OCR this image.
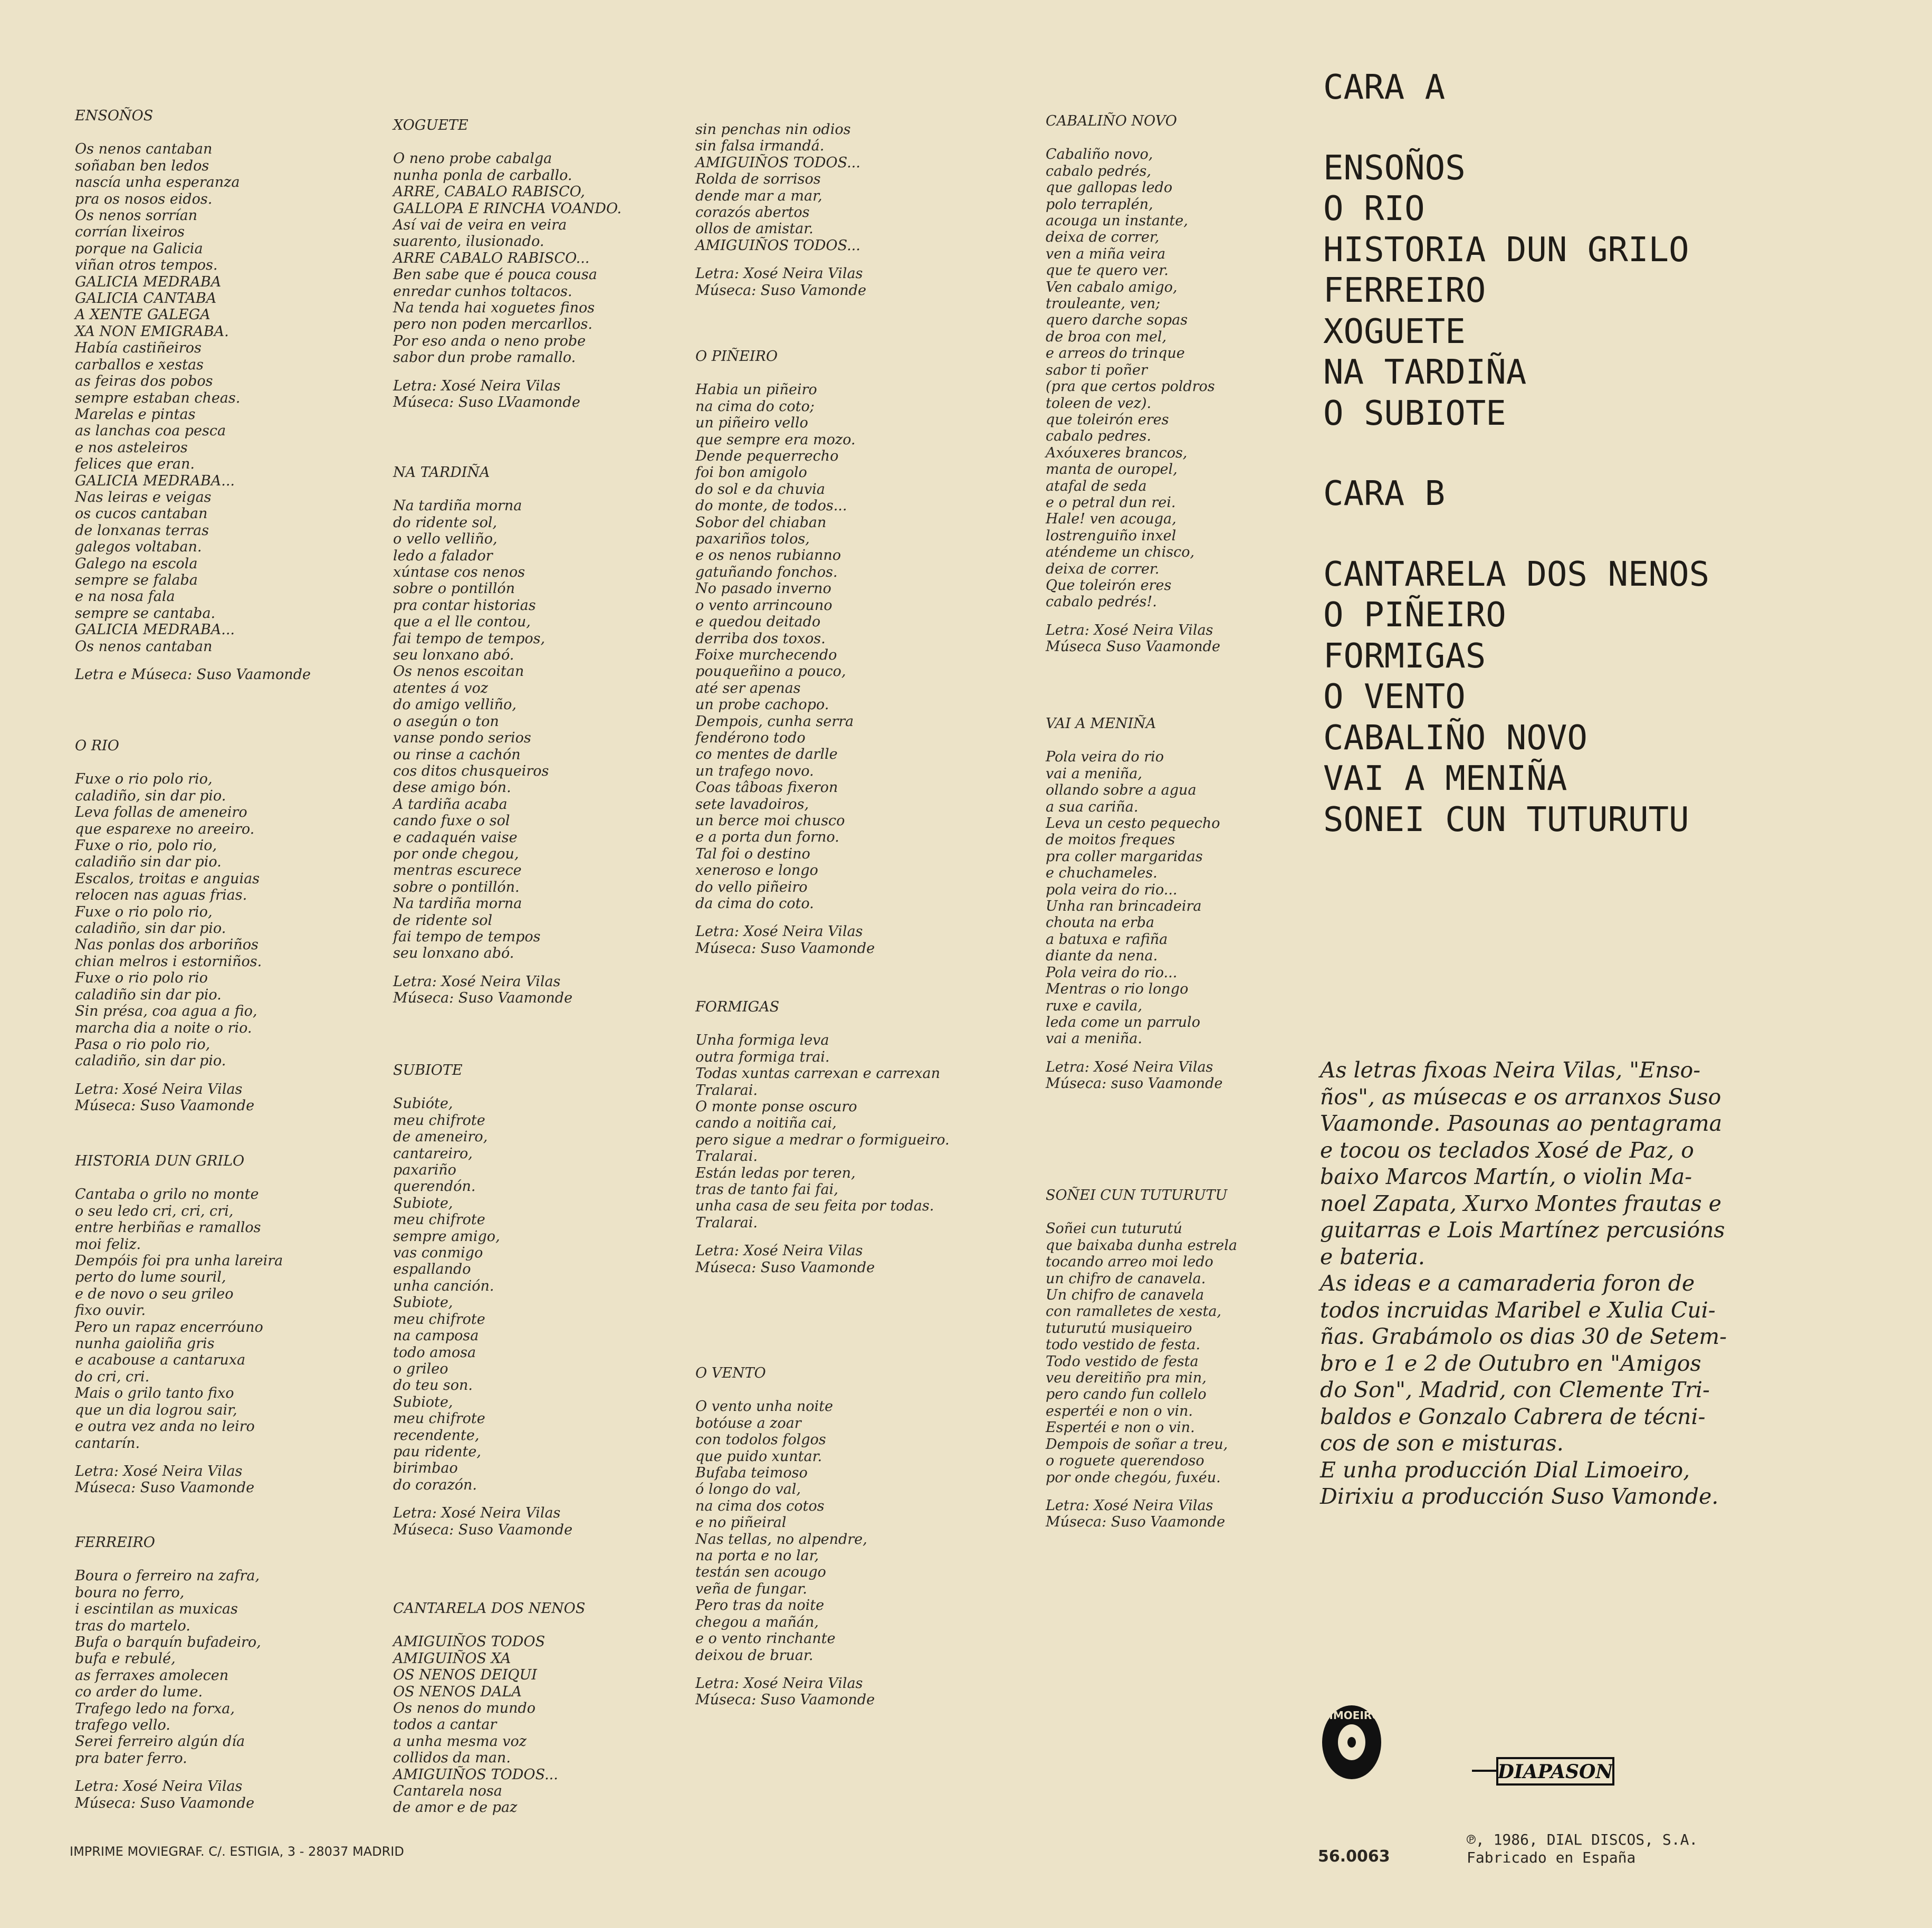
ENSOÑOS
Os nenos cantaban
soñaban ben ledos
nascía unha esperanza
pra os nosos eidos.
Os nenos sorrían
corrían lixeiros
porque na Galicia
viñan otros tempos.
GALICIA MEDRABA
GALICIA CANTABA
A XENTE GALEGA
XA NON EMIGRABA.
Había castiñeiros
carballos e xestas
as feiras dos pobos
sempre estaban cheas.
Marelas e pintas
as lanchas coa pesca
e nos asteleiros
felices que eran.
GALICIA MEDRABA...
Nas leiras e veigas
os cucos cantaban
de lonxanas terras
galegos voltaban.
Galego na escola
sempre se falaba
e na nosa fala
sempre se cantaba.
GALICIA MEDRABA...
Os nenos cantaban
Letra e Múseca: Suso Vaamonde
O RIO
Fuxe o rio polo rio,
caladiño, sin dar pio.
Leva follas de ameneiro
que esparexe no areeiro.
Fuxe o rio, polo rio,
caladiño sin dar pio.
Escalos, troitas e anguias
relocen nas aguas frias.
Fuxe o rio polo rio,
caladiño, sin dar pio.
Nas ponlas dos arboriños
chian melros i estorniños.
Fuxe o rio polo rio
caladiño sin dar pio.
Sin présa, coa agua a fio,
marcha dia a noite o rio.
Pasa o rio polo rio,
caladiño, sin dar pio.
Letra: Xosé Neira Vilas
Múseca: Suso Vaamonde
HISTORIA DUN GRILO
Cantaba o grilo no monte
o seu ledo cri, cri, cri,
entre herbiñas e ramallos
moi feliz.
Dempóis foi pra unha lareira
perto do lume souril,
e de novo o seu grileo
fixo ouvir.
Pero un rapaz encerróuno
nunha gaioliña gris
e acabouse a cantaruxa
do cri, cri.
Mais o grilo tanto fixo
que un dia logrou sair,
e outra vez anda no leiro
cantarín.
Letra: Xosé Neira Vilas
Múseca: Suso Vaamonde
FERREIRO
Boura o ferreiro na zafra,
boura no ferro,
i escintilan as muxicas
tras do martelo.
Bufa o barquín bufadeiro,
bufa e rebulé,
as ferraxes amolecen
co arder do lume.
Trafego ledo na forxa,
trafego vello.
Serei ferreiro algún día
pra bater ferro.
Letra: Xosé Neira Vilas
Múseca: Suso Vaamonde
XOGUETE
O neno probe cabalga
nunha ponla de carballo.
ARRE, CABALO RABISCO,
GALLOPA E RINCHA VOANDO.
Así vai de veira en veira
suarento, ilusionado.
ARRE CABALO RABISCO...
Ben sabe que é pouca cousa
enredar cunhos toltacos.
Na tenda hai xoguetes finos
pero non poden mercarllos.
Por eso anda o neno probe
sabor dun probe ramallo.
Letra: Xosé Neira Vilas
Múseca: Suso LVaamonde
NA TARDIÑA
Na tardiña morna
do ridente sol,
o vello velliño,
ledo a falador
xúntase cos nenos
sobre o pontillón
pra contar historias
que a el lle contou,
fai tempo de tempos,
seu lonxano abó.
Os nenos escoitan
atentes á voz
do amigo velliño,
o asegún o ton
vanse pondo serios
ou rinse a cachón
cos ditos chusqueiros
dese amigo bón.
A tardiña acaba
cando fuxe o sol
e cadaquén vaise
por onde chegou,
mentras escurece
sobre o pontillón.
Na tardiña morna
de ridente sol
fai tempo de tempos
seu lonxano abó.
Letra: Xosé Neira Vilas
Múseca: Suso Vaamonde
SUBIOTE
Subióte,
meu chifrote
de ameneiro,
cantareiro,
paxariño
querendón.
Subiote,
meu chifrote
sempre amigo,
vas conmigo
espallando
unha canción.
Subiote,
meu chifrote
na camposa
todo amosa
o grileo
do teu son.
Subiote,
meu chifrote
recendente,
pau ridente,
birimbao
do corazón.
Letra: Xosé Neira Vilas
Múseca: Suso Vaamonde
CANTARELA DOS NENOS
AMIGUIÑOS TODOS
AMIGUIÑOS XA
OS NENOS DEIQUI
OS NENOS DALA
Os nenos do mundo
todos a cantar
a unha mesma voz
collidos da man.
AMIGUIÑOS TODOS...
Cantarela nosa
de amor e de paz
sin penchas nin odios
sin falsa irmandá.
AMIGUIÑOS TODOS...
Rolda de sorrisos
dende mar a mar,
corazós abertos
ollos de amistar.
AMIGUIÑOS TODOS...
Letra: Xosé Neira Vilas
Múseca: Suso Vamonde
O PIÑEIRO
Habia un piñeiro
na cima do coto;
un piñeiro vello
que sempre era mozo.
Dende pequerrecho
foi bon amigolo
do sol e da chuvia
do monte, de todos...
Sobor del chiaban
paxariños tolos,
e os nenos rubianno
gatuñando fonchos.
No pasado inverno
o vento arrincouno
e quedou deitado
derriba dos toxos.
Foixe murchecendo
pouqueñino a pouco,
até ser apenas
un probe cachopo.
Dempois, cunha serra
fendérono todo
co mentes de darlle
un trafego novo.
Coas tâboas fixeron
sete lavadoiros,
un berce moi chusco
e a porta dun forno.
Tal foi o destino
xeneroso e longo
do vello piñeiro
da cima do coto.
Letra: Xosé Neira Vilas
Múseca: Suso Vaamonde
FORMIGAS
Unha formiga leva
outra formiga trai.
Todas xuntas carrexan e carrexan
Tralarai.
O monte ponse oscuro
cando a noitiña cai,
pero sigue a medrar o formigueiro.
Tralarai.
Están ledas por teren,
tras de tanto fai fai,
unha casa de seu feita por todas.
Tralarai.
Letra: Xosé Neira Vilas
Múseca: Suso Vaamonde
O VENTO
O vento unha noite
botóuse a zoar
con todolos folgos
que puido xuntar.
Bufaba teimoso
ó longo do val,
na cima dos cotos
e no piñeiral
Nas tellas, no alpendre,
na porta e no lar,
testán sen acougo
veña de fungar.
Pero tras da noite
chegou a mañán,
e o vento rinchante
deixou de bruar.
Letra: Xosé Neira Vilas
Múseca: Suso Vaamonde
CABALIÑO NOVO
Cabaliño novo,
cabalo pedrés,
que gallopas ledo
polo terraplén,
acouga un instante,
deixa de correr,
ven a miña veira
que te quero ver.
Ven cabalo amigo,
trouleante, ven;
quero darche sopas
de broa con mel,
e arreos do trinque
sabor ti poñer
(pra que certos poldros
toleen de vez).
que toleirón eres
cabalo pedres.
Axóuxeres brancos,
manta de ouropel,
atafal de seda
e o petral dun rei.
Hale! ven acouga,
lostrenguiño inxel
aténdeme un chisco,
deixa de correr.
Que toleirón eres
cabalo pedrés!.
Letra: Xosé Neira Vilas
Múseca Suso Vaamonde
VAI A MENIÑA
Pola veira do rio
vai a meniña,
ollando sobre a agua
a sua cariña.
Leva un cesto pequecho
de moitos freques
pra coller margaridas
e chuchameles.
pola veira do rio...
Unha ran brincadeira
chouta na erba
a batuxa e rafiña
diante da nena.
Pola veira do rio...
Mentras o rio longo
ruxe e cavila,
leda come un parrulo
vai a meniña.
Letra: Xosé Neira Vilas
Múseca: suso Vaamonde
SOÑEI CUN TUTURUTU
Soñei cun tuturutú
que baixaba dunha estrela
tocando arreo moi ledo
un chifro de canavela.
Un chifro de canavela
con ramalletes de xesta,
tuturutú musiqueiro
todo vestido de festa.
Todo vestido de festa
veu dereitiño pra min,
pero cando fun collelo
espertéi e non o vin.
Espertéi e non o vin.
Dempois de soñar a treu,
o roguete querendoso
por onde chegóu, fuxéu.
Letra: Xosé Neira Vilas
Múseca: Suso Vaamonde
CARA A
ENSOÑOS
O RIO
HISTORIA DUN GRILO
FERREIRO
XOGUETE
NA TARDIÑA
O SUBIOTE
CARA B
CANTARELA DOS NENOS
O PIÑEIRO
FORMIGAS
O VENTO
CABALIÑO NOVO
VAI A MENIÑA
SONEI CUN TUTURUTU
As letras fixoas Neira Vilas, "Enso-
ños", as músecas e os arranxos Suso
Vaamonde. Pasounas ao pentagrama
e tocou os teclados Xosé de Paz, o
baixo Marcos Martín, o violin Ma-
noel Zapata, Xurxo Montes frautas e
guitarras e Lois Martínez percusións
e bateria.
As ideas e a camaraderia foron de
todos incruidas Maribel e Xulia Cui-
ñas. Grabámolo os dias 30 de Setem-
bro e 1 e 2 de Outubro en "Amigos
do Son", Madrid, con Clemente Tri-
baldos e Gonzalo Cabrera de técni-
cos de son e misturas.
E unha producción Dial Limoeiro,
Dirixiu a producción Suso Vamonde.
LIMOEIRO
DIAPASON
IMPRIME MOVIEGRAF. C/. ESTIGIA, 3 - 28037 MADRID	56.0063
℗, 1986, DIAL DISCOS, S.A.
Fabricado en España
